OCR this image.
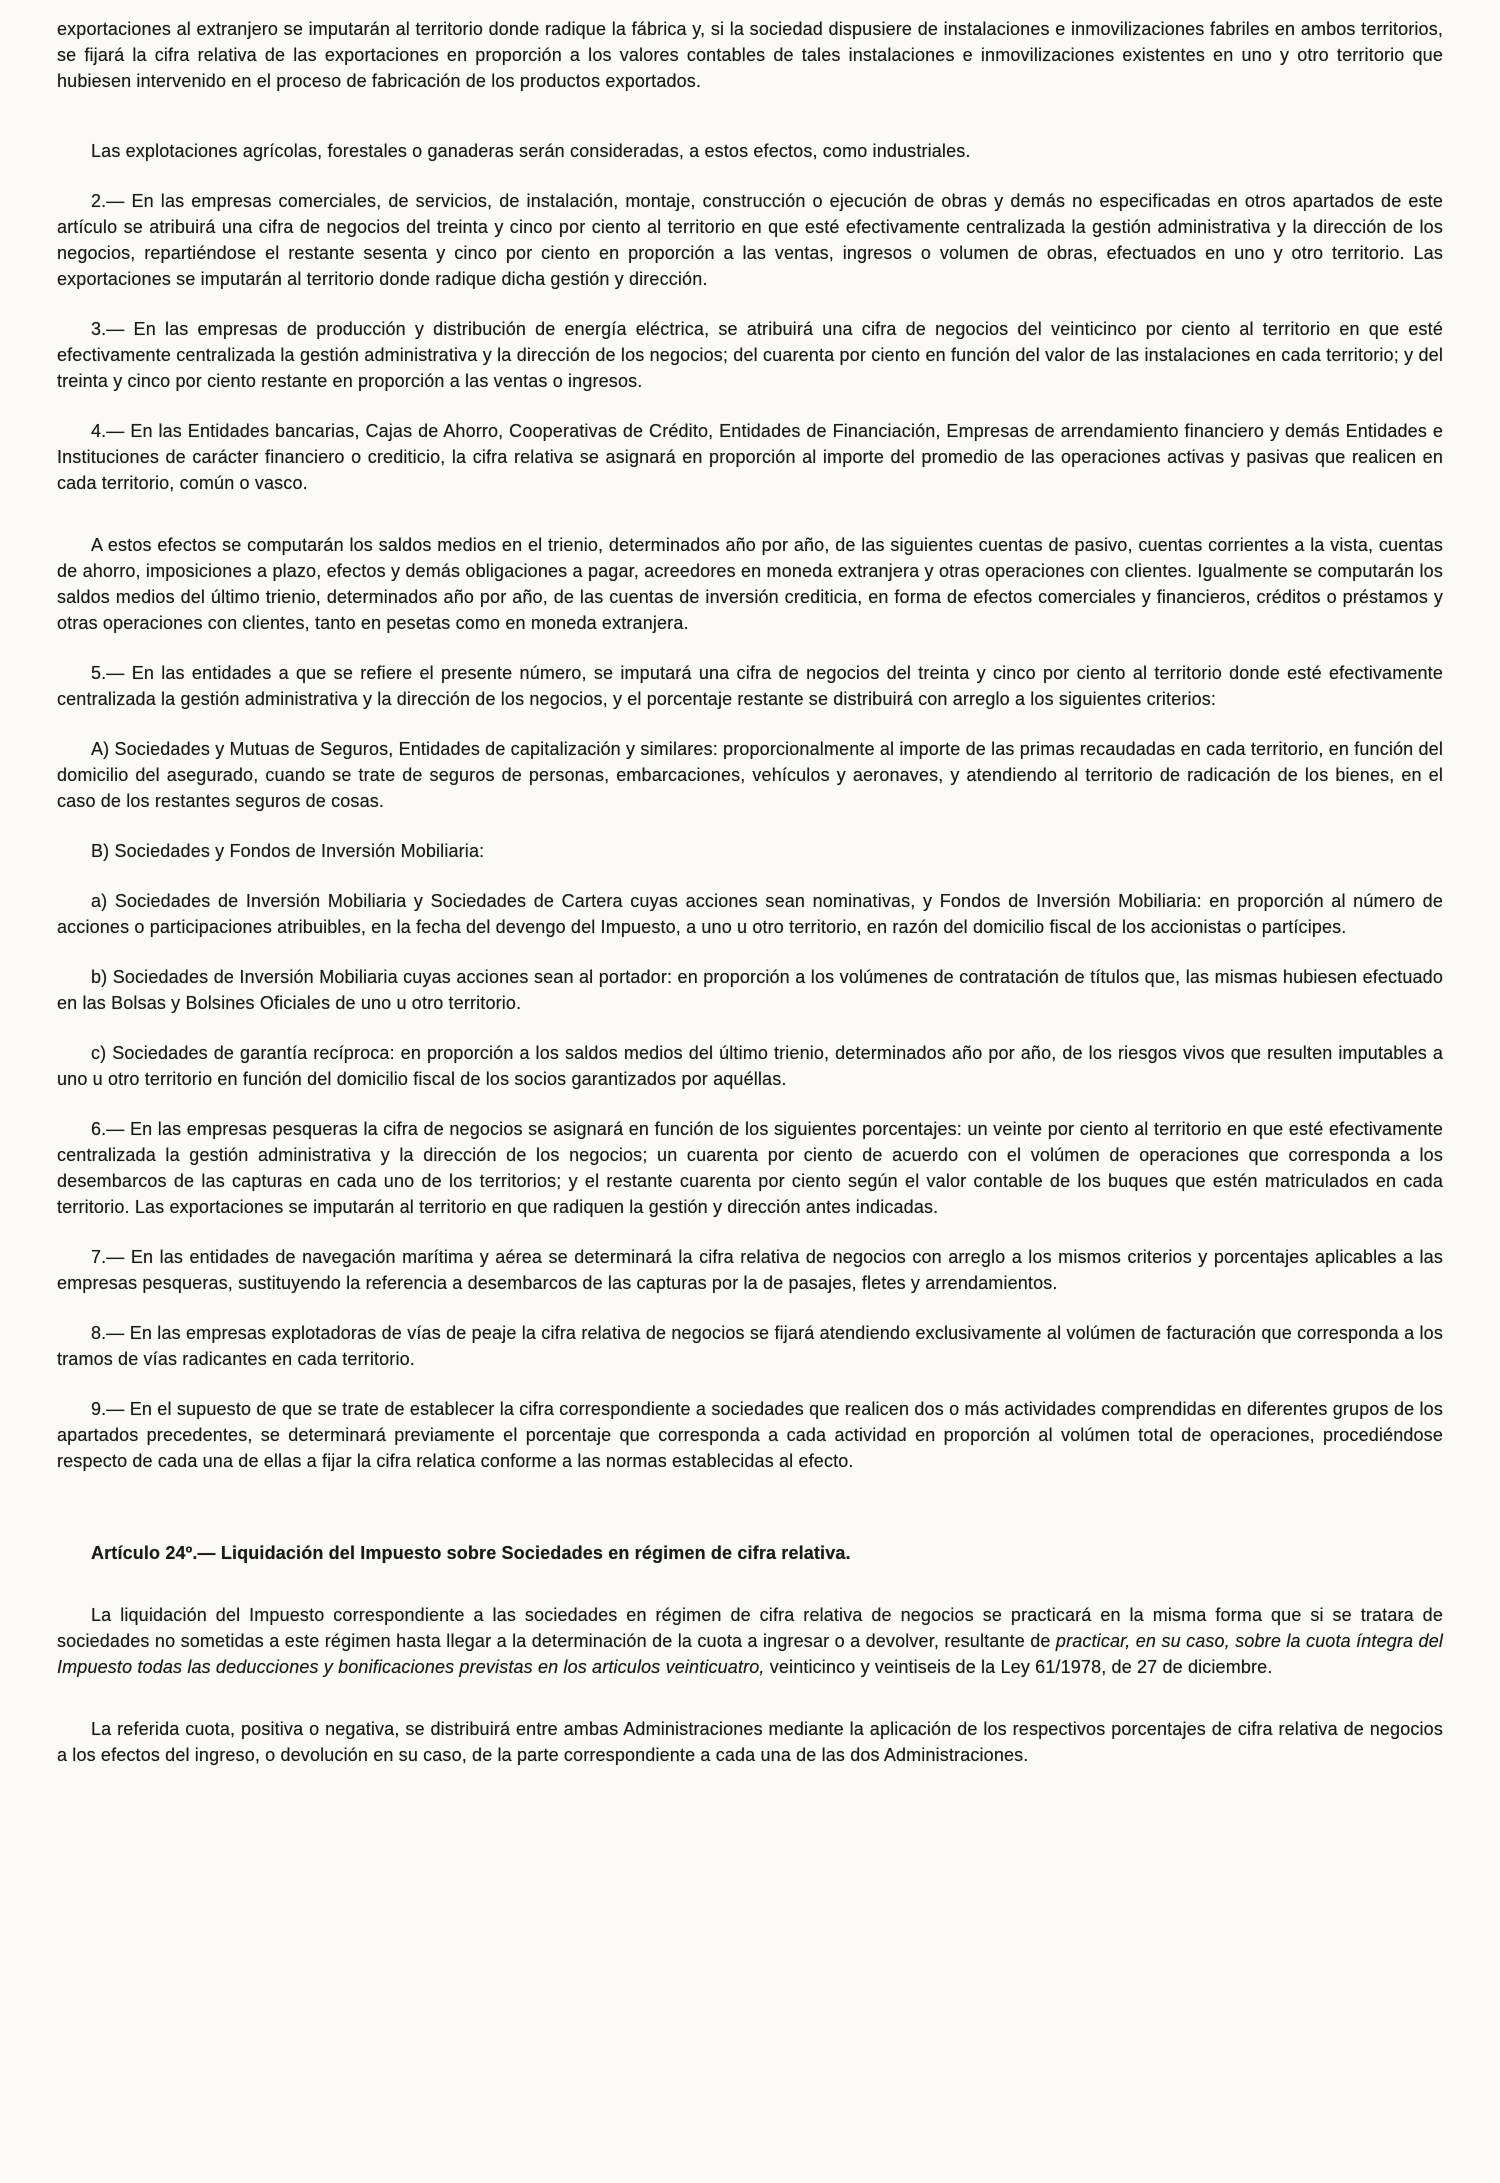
exportaciones al extranjero se imputarán al territorio donde radique la fábrica y, si la sociedad dispusiere de instalaciones e inmovilizaciones fabriles en ambos territorios, se fijará la cifra relativa de las exportaciones en proporción a los valores contables de tales instalaciones e inmovilizaciones existentes en uno y otro territorio que hubiesen intervenido en el proceso de fabricación de los productos exportados.

Las explotaciones agrícolas, forestales o ganaderas serán consideradas, a estos efectos, como industriales.

2.— En las empresas comerciales, de servicios, de instalación, montaje, construcción o ejecución de obras y demás no especificadas en otros apartados de este artículo se atribuirá una cifra de negocios del treinta y cinco por ciento al territorio en que esté efectivamente centralizada la gestión administrativa y la dirección de los negocios, repartiéndose el restante sesenta y cinco por ciento en proporción a las ventas, ingresos o volumen de obras, efectuados en uno y otro territorio. Las exportaciones se imputarán al territorio donde radique dicha gestión y dirección.

3.— En las empresas de producción y distribución de energía eléctrica, se atribuirá una cifra de negocios del veinticinco por ciento al territorio en que esté efectivamente centralizada la gestión administrativa y la dirección de los negocios; del cuarenta por ciento en función del valor de las instalaciones en cada territorio; y del treinta y cinco por ciento restante en proporción a las ventas o ingresos.

4.— En las Entidades bancarias, Cajas de Ahorro, Cooperativas de Crédito, Entidades de Financiación, Empresas de arrendamiento financiero y demás Entidades e Instituciones de carácter financiero o crediticio, la cifra relativa se asignará en proporción al importe del promedio de las operaciones activas y pasivas que realicen en cada territorio, común o vasco.

A estos efectos se computarán los saldos medios en el trienio, determinados año por año, de las siguientes cuentas de pasivo, cuentas corrientes a la vista, cuentas de ahorro, imposiciones a plazo, efectos y demás obligaciones a pagar, acreedores en moneda extranjera y otras operaciones con clientes. Igualmente se computarán los saldos medios del último trienio, determinados año por año, de las cuentas de inversión crediticia, en forma de efectos comerciales y financieros, créditos o préstamos y otras operaciones con clientes, tanto en pesetas como en moneda extranjera.

5.— En las entidades a que se refiere el presente número, se imputará una cifra de negocios del treinta y cinco por ciento al territorio donde esté efectivamente centralizada la gestión administrativa y la dirección de los negocios, y el porcentaje restante se distribuirá con arreglo a los siguientes criterios:

A) Sociedades y Mutuas de Seguros, Entidades de capitalización y similares: proporcionalmente al importe de las primas recaudadas en cada territorio, en función del domicilio del asegurado, cuando se trate de seguros de personas, embarcaciones, vehículos y aeronaves, y atendiendo al territorio de radicación de los bienes, en el caso de los restantes seguros de cosas.

B) Sociedades y Fondos de Inversión Mobiliaria:

a) Sociedades de Inversión Mobiliaria y Sociedades de Cartera cuyas acciones sean nominativas, y Fondos de Inversión Mobiliaria: en proporción al número de acciones o participaciones atribuibles, en la fecha del devengo del Impuesto, a uno u otro territorio, en razón del domicilio fiscal de los accionistas o partícipes.

b) Sociedades de Inversión Mobiliaria cuyas acciones sean al portador: en proporción a los volúmenes de contratación de títulos que, las mismas hubiesen efectuado en las Bolsas y Bolsines Oficiales de uno u otro territorio.

c) Sociedades de garantía recíproca: en proporción a los saldos medios del último trienio, determinados año por año, de los riesgos vivos que resulten imputables a uno u otro territorio en función del domicilio fiscal de los socios garantizados por aquéllas.

6.— En las empresas pesqueras la cifra de negocios se asignará en función de los siguientes porcentajes: un veinte por ciento al territorio en que esté efectivamente centralizada la gestión administrativa y la dirección de los negocios; un cuarenta por ciento de acuerdo con el volúmen de operaciones que corresponda a los desembarcos de las capturas en cada uno de los territorios; y el restante cuarenta por ciento según el valor contable de los buques que estén matriculados en cada territorio. Las exportaciones se imputarán al territorio en que radiquen la gestión y dirección antes indicadas.

7.— En las entidades de navegación marítima y aérea se determinará la cifra relativa de negocios con arreglo a los mismos criterios y porcentajes aplicables a las empresas pesqueras, sustituyendo la referencia a desembarcos de las capturas por la de pasajes, fletes y arrendamientos.

8.— En las empresas explotadoras de vías de peaje la cifra relativa de negocios se fijará atendiendo exclusivamente al volúmen de facturación que corresponda a los tramos de vías radicantes en cada territorio.

9.— En el supuesto de que se trate de establecer la cifra correspondiente a sociedades que realicen dos o más actividades comprendidas en diferentes grupos de los apartados precedentes, se determinará previamente el porcentaje que corresponda a cada actividad en proporción al volúmen total de operaciones, procediéndose respecto de cada una de ellas a fijar la cifra relatica conforme a las normas establecidas al efecto.

Artículo 24º.— Liquidación del Impuesto sobre Sociedades en régimen de cifra relativa.

La liquidación del Impuesto correspondiente a las sociedades en régimen de cifra relativa de negocios se practicará en la misma forma que si se tratara de sociedades no sometidas a este régimen hasta llegar a la determinación de la cuota a ingresar o a devolver, resultante de practicar, en su caso, sobre la cuota íntegra del Impuesto todas las deducciones y bonificaciones previstas en los articulos veinticuatro, veinticinco y veintiseis de la Ley 61/1978, de 27 de diciembre.

La referida cuota, positiva o negativa, se distribuirá entre ambas Administraciones mediante la aplicación de los respectivos porcentajes de cifra relativa de negocios a los efectos del ingreso, o devolución en su caso, de la parte correspondiente a cada una de las dos Administraciones.
